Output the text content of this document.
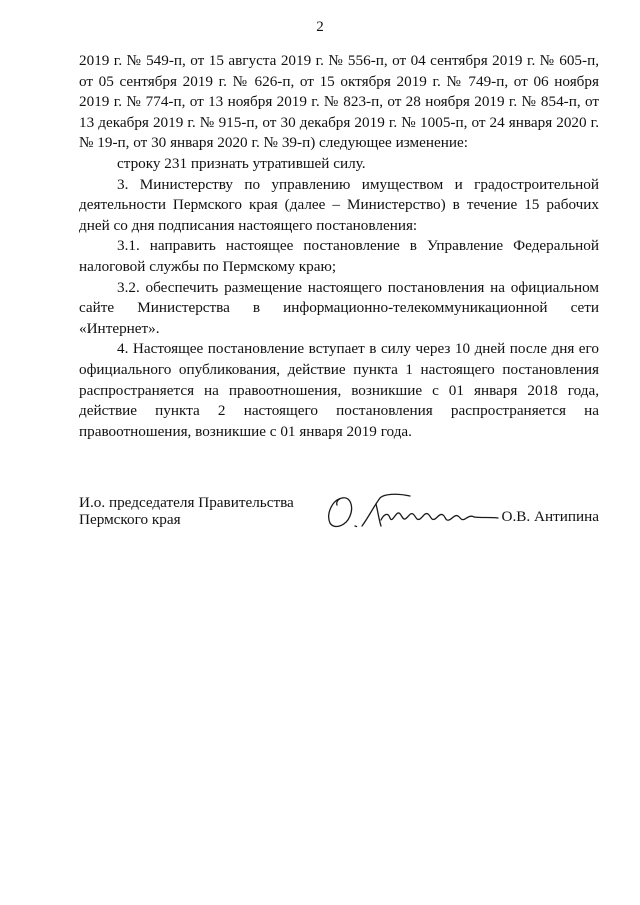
2

2019 г. № 549-п, от 15 августа 2019 г. № 556-п, от 04 сентября 2019 г. № 605-п, от 05 сентября 2019 г. № 626-п, от 15 октября 2019 г. № 749-п, от 06 ноября 2019 г. № 774-п, от 13 ноября 2019 г. № 823-п, от 28 ноября 2019 г. № 854-п, от 13 декабря 2019 г. № 915-п, от 30 декабря 2019 г. № 1005-п, от 24 января 2020 г. № 19-п, от 30 января 2020 г. № 39-п) следующее изменение:

строку 231 признать утратившей силу.

3. Министерству по управлению имуществом и градостроительной деятельности Пермского края (далее – Министерство) в течение 15 рабочих дней со дня подписания настоящего постановления:

3.1. направить настоящее постановление в Управление Федеральной налоговой службы по Пермскому краю;

3.2. обеспечить размещение настоящего постановления на официальном сайте Министерства в информационно-телекоммуникационной сети «Интернет».

4. Настоящее постановление вступает в силу через 10 дней после дня его официального опубликования, действие пункта 1 настоящего постановления распространяется на правоотношения, возникшие с 01 января 2018 года, действие пункта 2 настоящего постановления распространяется на правоотношения, возникшие с 01 января 2019 года.

И.о. председателя Правительства
Пермского края	О.В. Антипина
